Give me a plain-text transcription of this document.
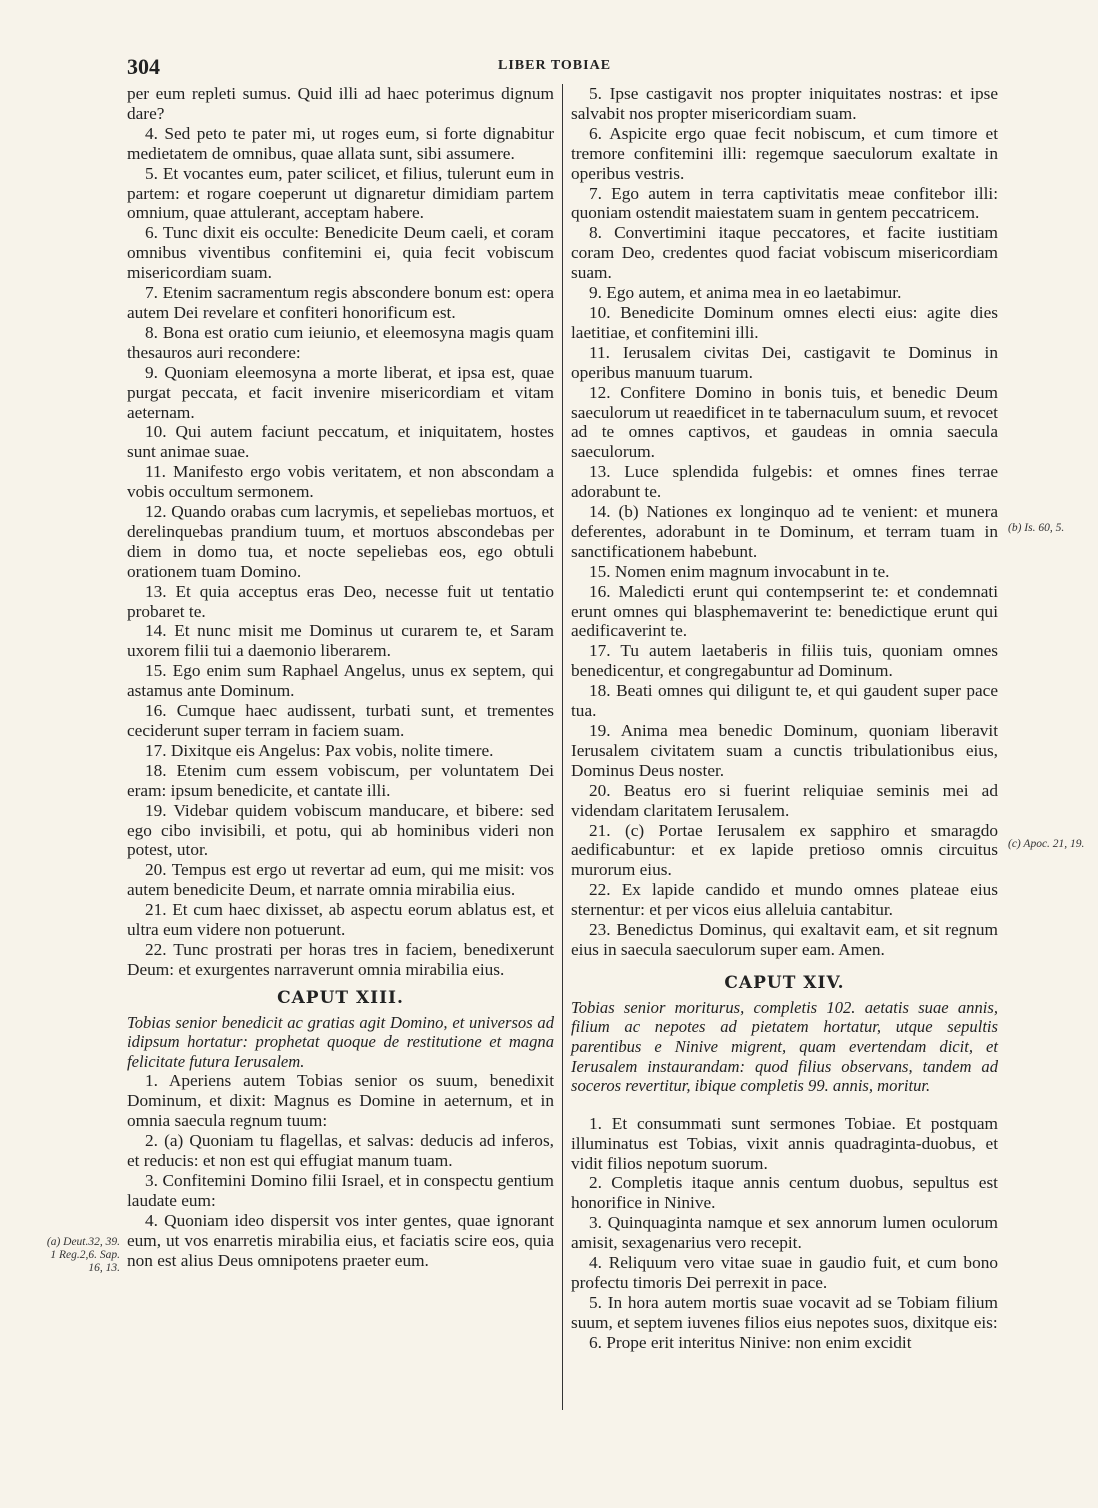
304	LIBER TOBIAE

per eum repleti sumus. Quid illi ad haec poterimus dignum dare?

4. Sed peto te pater mi, ut roges eum, si forte dignabitur medietatem de omnibus, quae allata sunt, sibi assumere.

5. Et vocantes eum, pater scilicet, et filius, tulerunt eum in partem: et rogare coeperunt ut dignaretur dimidiam partem omnium, quae attulerant, acceptam habere.

6. Tunc dixit eis occulte: Benedicite Deum caeli, et coram omnibus viventibus confitemini ei, quia fecit vobiscum misericordiam suam.

7. Etenim sacramentum regis abscondere bonum est: opera autem Dei revelare et confiteri honorificum est.

8. Bona est oratio cum ieiunio, et eleemosyna magis quam thesauros auri recondere:

9. Quoniam eleemosyna a morte liberat, et ipsa est, quae purgat peccata, et facit invenire misericordiam et vitam aeternam.

10. Qui autem faciunt peccatum, et iniquitatem, hostes sunt animae suae.

11. Manifesto ergo vobis veritatem, et non abscondam a vobis occultum sermonem.

12. Quando orabas cum lacrymis, et sepeliebas mortuos, et derelinquebas prandium tuum, et mortuos abscondebas per diem in domo tua, et nocte sepeliebas eos, ego obtuli orationem tuam Domino.

13. Et quia acceptus eras Deo, necesse fuit ut tentatio probaret te.

14. Et nunc misit me Dominus ut curarem te, et Saram uxorem filii tui a daemonio liberarem.

15. Ego enim sum Raphael Angelus, unus ex septem, qui astamus ante Dominum.

16. Cumque haec audissent, turbati sunt, et trementes ceciderunt super terram in faciem suam.

17. Dixitque eis Angelus: Pax vobis, nolite timere.

18. Etenim cum essem vobiscum, per voluntatem Dei eram: ipsum benedicite, et cantate illi.

19. Videbar quidem vobiscum manducare, et bibere: sed ego cibo invisibili, et potu, qui ab hominibus videri non potest, utor.

20. Tempus est ergo ut revertar ad eum, qui me misit: vos autem benedicite Deum, et narrate omnia mirabilia eius.

21. Et cum haec dixisset, ab aspectu eorum ablatus est, et ultra eum videre non potuerunt.

22. Tunc prostrati per horas tres in faciem, benedixerunt Deum: et exurgentes narraverunt omnia mirabilia eius.

CAPUT XIII.

Tobias senior benedicit ac gratias agit Domino, et universos ad idipsum hortatur: prophetat quoque de restitutione et magna felicitate futura Ierusalem.

1. Aperiens autem Tobias senior os suum, benedixit Dominum, et dixit: Magnus es Domine in aeternum, et in omnia saecula regnum tuum:

2. (a) Quoniam tu flagellas, et salvas: deducis ad inferos, et reducis: et non est qui effugiat manum tuam.

3. Confitemini Domino filii Israel, et in conspectu gentium laudate eum:

4. Quoniam ideo dispersit vos inter gentes, quae ignorant eum, ut vos enarretis mirabilia eius, et faciatis scire eos, quia non est alius Deus omnipotens praeter eum.

5. Ipse castigavit nos propter iniquitates nostras: et ipse salvabit nos propter misericordiam suam.

6. Aspicite ergo quae fecit nobiscum, et cum timore et tremore confitemini illi: regemque saeculorum exaltate in operibus vestris.

7. Ego autem in terra captivitatis meae confitebor illi: quoniam ostendit maiestatem suam in gentem peccatricem.

8. Convertimini itaque peccatores, et facite iustitiam coram Deo, credentes quod faciat vobiscum misericordiam suam.

9. Ego autem, et anima mea in eo laetabimur.

10. Benedicite Dominum omnes electi eius: agite dies laetitiae, et confitemini illi.

11. Ierusalem civitas Dei, castigavit te Dominus in operibus manuum tuarum.

12. Confitere Domino in bonis tuis, et benedic Deum saeculorum ut reaedificet in te tabernaculum suum, et revocet ad te omnes captivos, et gaudeas in omnia saecula saeculorum.

13. Luce splendida fulgebis: et omnes fines terrae adorabunt te.

14. (b) Nationes ex longinquo ad te venient: et munera deferentes, adorabunt in te Dominum, et terram tuam in sanctificationem habebunt.

15. Nomen enim magnum invocabunt in te.

16. Maledicti erunt qui contempserint te: et condemnati erunt omnes qui blasphemaverint te: benedictique erunt qui aedificaverint te.

17. Tu autem laetaberis in filiis tuis, quoniam omnes benedicentur, et congregabuntur ad Dominum.

18. Beati omnes qui diligunt te, et qui gaudent super pace tua.

19. Anima mea benedic Dominum, quoniam liberavit Ierusalem civitatem suam a cunctis tribulationibus eius, Dominus Deus noster.

20. Beatus ero si fuerint reliquiae seminis mei ad videndam claritatem Ierusalem.

21. (c) Portae Ierusalem ex sapphiro et smaragdo aedificabuntur: et ex lapide pretioso omnis circuitus murorum eius.

22. Ex lapide candido et mundo omnes plateae eius sternentur: et per vicos eius alleluia cantabitur.

23. Benedictus Dominus, qui exaltavit eam, et sit regnum eius in saecula saeculorum super eam. Amen.

CAPUT XIV.

Tobias senior moriturus, completis 102. aetatis suae annis, filium ac nepotes ad pietatem hortatur, utque sepultis parentibus e Ninive migrent, quam evertendam dicit, et Ierusalem instaurandam: quod filius observans, tandem ad soceros revertitur, ibique completis 99. annis, moritur.

1. Et consummati sunt sermones Tobiae. Et postquam illuminatus est Tobias, vixit annis quadraginta-duobus, et vidit filios nepotum suorum.

2. Completis itaque annis centum duobus, sepultus est honorifice in Ninive.

3. Quinquaginta namque et sex annorum lumen oculorum amisit, sexagenarius vero recepit.

4. Reliquum vero vitae suae in gaudio fuit, et cum bono profectu timoris Dei perrexit in pace.

5. In hora autem mortis suae vocavit ad se Tobiam filium suum, et septem iuvenes filios eius nepotes suos, dixitque eis:

6. Prope erit interitus Ninive: non enim excidit

(a) Deut.32, 39. 1 Reg.2,6. Sap. 16, 13.
(b) Is. 60, 5.
(c) Apoc. 21, 19.
